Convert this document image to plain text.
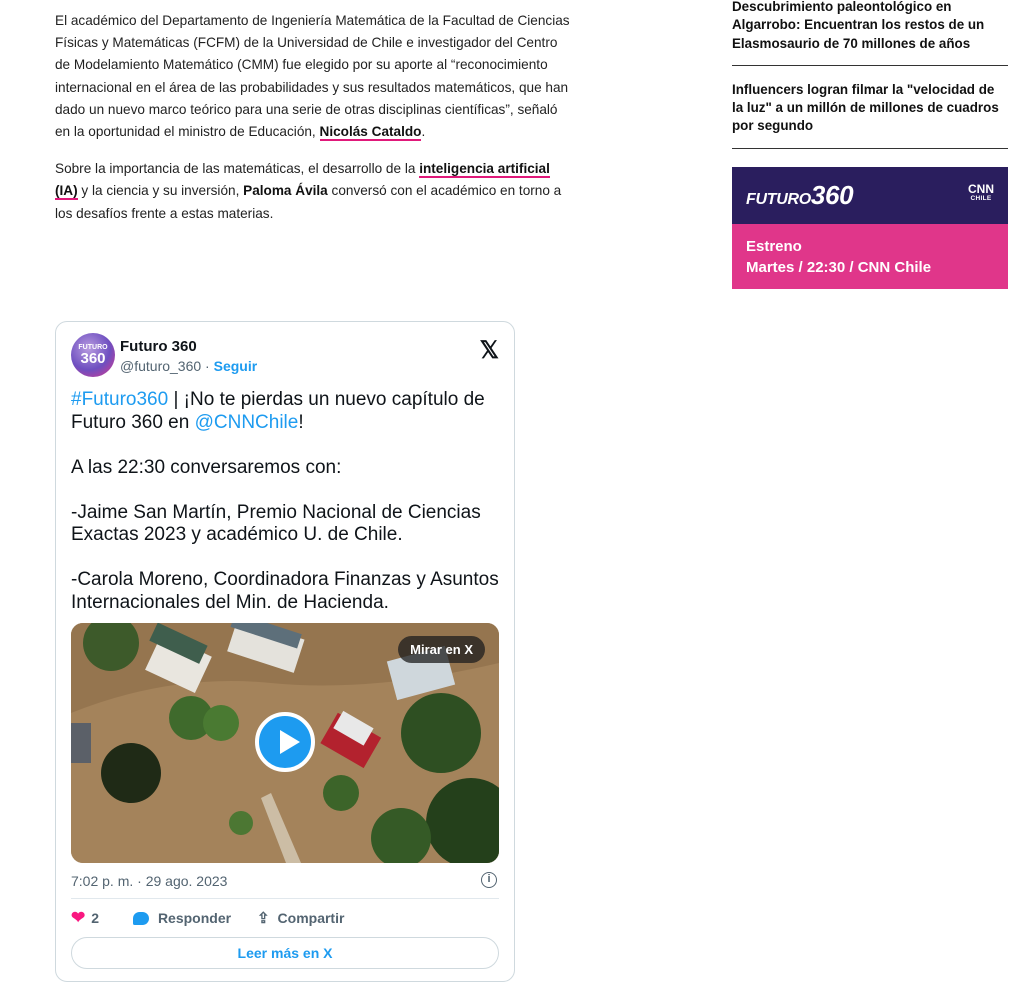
El académico del Departamento de Ingeniería Matemática de la Facultad de Ciencias Físicas y Matemáticas (FCFM) de la Universidad de Chile e investigador del Centro de Modelamiento Matemático (CMM) fue elegido por su aporte al “reconocimiento internacional en el área de las probabilidades y sus resultados matemáticos, que han dado un nuevo marco teórico para una serie de otras disciplinas científicas”, señaló en la oportunidad el ministro de Educación, Nicolás Cataldo.

Sobre la importancia de las matemáticas, el desarrollo de la inteligencia artificial (IA) y la ciencia y su inversión, Paloma Ávila conversó con el académico en torno a los desafíos frente a estas materias.

Descubrimiento paleontológico en Algarrobo: Encuentran los restos de un Elasmosaurio de 70 millones de años
Influencers logran filmar la "velocidad de la luz" a un millón de millones de cuadros por segundo
FUTURO360	CNN
CHILE
Estreno
Martes / 22:30 / CNN Chile
FUTURO
360
Futuro 360
@futuro_360 · Seguir
𝕏
#Futuro360 | ¡No te pierdas un nuevo capítulo de Futuro 360 en @CNNChile!

A las 22:30 conversaremos con:

-Jaime San Martín, Premio Nacional de Ciencias Exactas 2023 y académico U. de Chile.

-Carola Moreno, Coordinadora Finanzas y Asuntos Internacionales del Min. de Hacienda.
Mirar en X
7:02 p. m. · 29 ago. 2023	i
❤ 2	Responder ⇪ Compartir
Leer más en X
